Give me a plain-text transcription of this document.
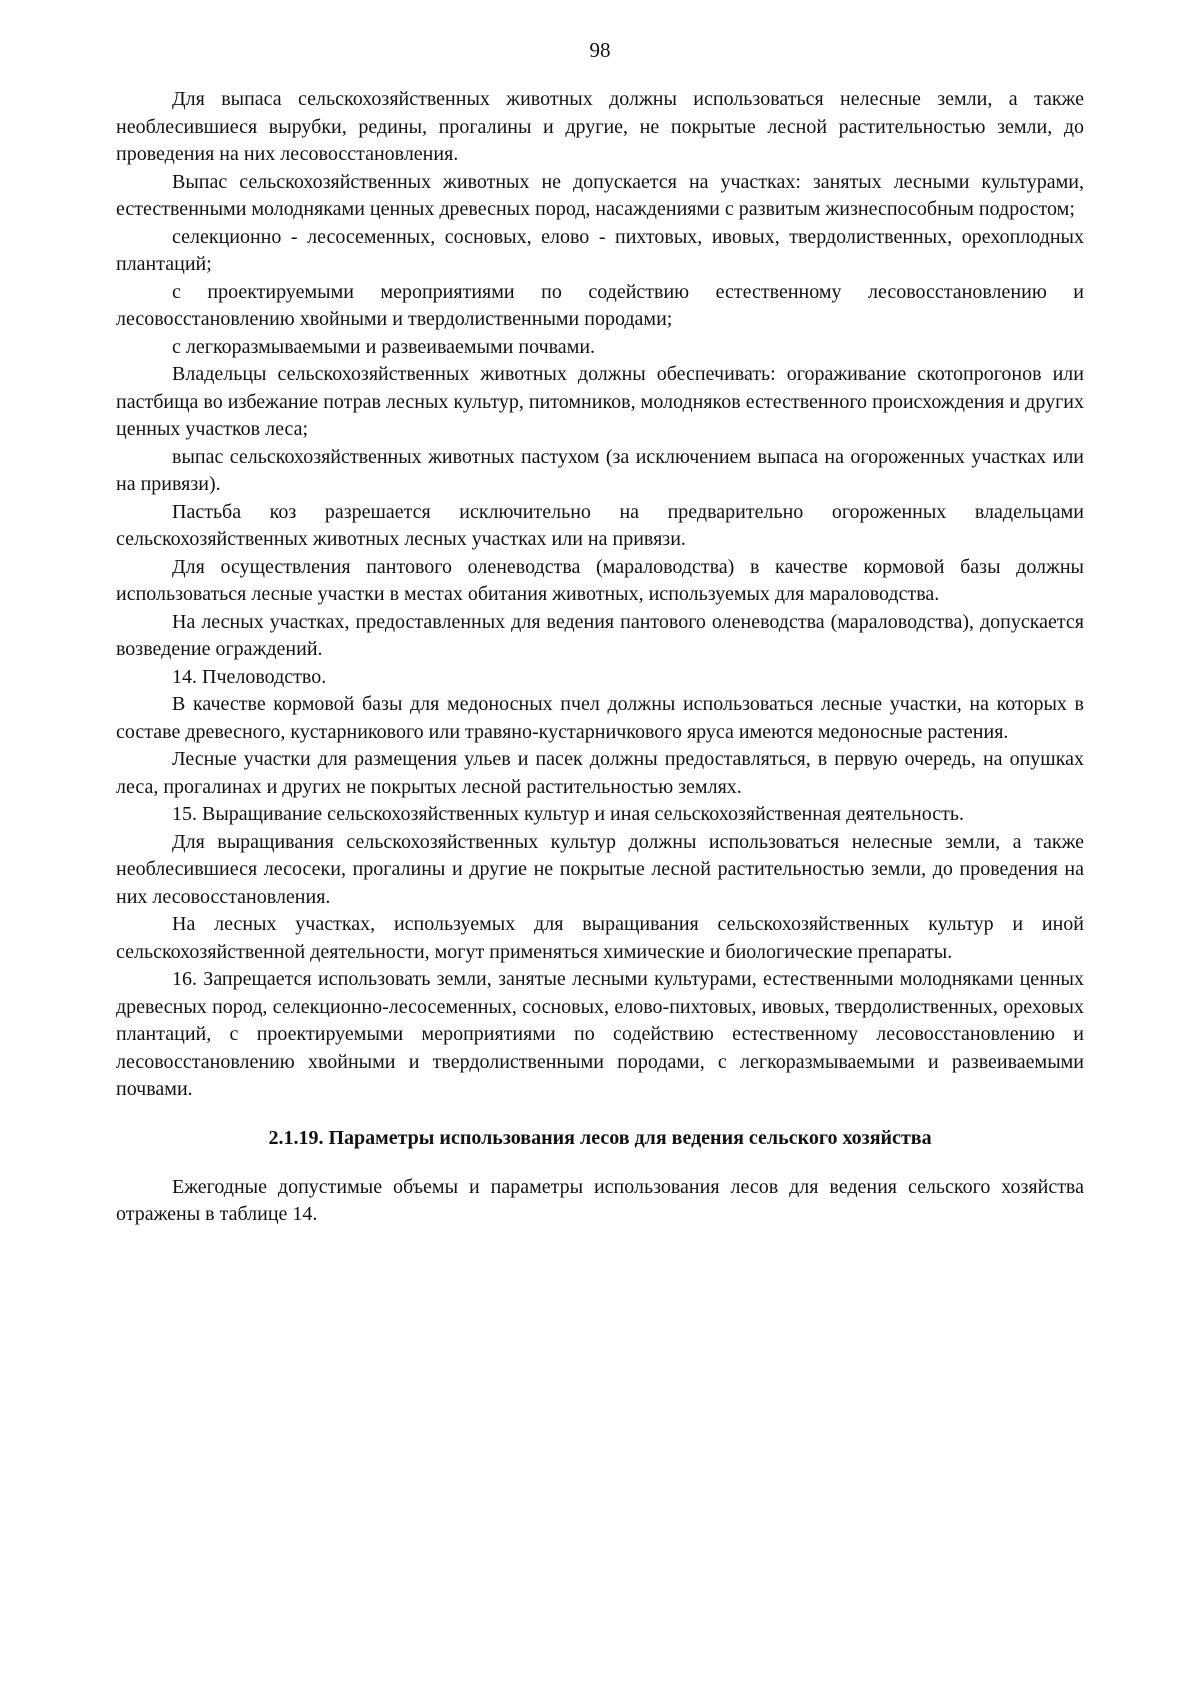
98

Для выпаса сельскохозяйственных животных должны использоваться нелесные земли, а также необлесившиеся вырубки, редины, прогалины и другие, не покрытые лесной растительностью земли, до проведения на них лесовосстановления.

Выпас сельскохозяйственных животных не допускается на участках: занятых лесными культурами, естественными молодняками ценных древесных пород, насаждениями с развитым жизнеспособным подростом;

селекционно - лесосеменных, сосновых, елово - пихтовых, ивовых, твердолиственных, орехоплодных плантаций;

с проектируемыми мероприятиями по содействию естественному лесовосстановлению и лесовосстановлению хвойными и твердолиственными породами;

с легкоразмываемыми и развеиваемыми почвами.

Владельцы сельскохозяйственных животных должны обеспечивать: огораживание скотопрогонов или пастбища во избежание потрав лесных культур, питомников, молодняков естественного происхождения и других ценных участков леса;

выпас сельскохозяйственных животных пастухом (за исключением выпаса на огороженных участках или на привязи).

Пастьба коз разрешается исключительно на предварительно огороженных владельцами сельскохозяйственных животных лесных участках или на привязи.

Для осуществления пантового оленеводства (мараловодства) в качестве кормовой базы должны использоваться лесные участки в местах обитания животных, используемых для мараловодства.

На лесных участках, предоставленных для ведения пантового оленеводства (мараловодства), допускается возведение ограждений.

14. Пчеловодство.

В качестве кормовой базы для медоносных пчел должны использоваться лесные участки, на которых в составе древесного, кустарникового или травяно-кустарничкового яруса имеются медоносные растения.

Лесные участки для размещения ульев и пасек должны предоставляться, в первую очередь, на опушках леса, прогалинах и других не покрытых лесной растительностью землях.

15. Выращивание сельскохозяйственных культур и иная сельскохозяйственная деятельность.

Для выращивания сельскохозяйственных культур должны использоваться нелесные земли, а также необлесившиеся лесосеки, прогалины и другие не покрытые лесной растительностью земли, до проведения на них лесовосстановления.

На лесных участках, используемых для выращивания сельскохозяйственных культур и иной сельскохозяйственной деятельности, могут применяться химические и биологические препараты.

16. Запрещается использовать земли, занятые лесными культурами, естественными молодняками ценных древесных пород, селекционно-лесосеменных, сосновых, елово-пихтовых, ивовых, твердолиственных, ореховых плантаций, с проектируемыми мероприятиями по содействию естественному лесовосстановлению и лесовосстановлению хвойными и твердолиственными породами, с легкоразмываемыми и развеиваемыми почвами.

2.1.19. Параметры использования лесов для ведения сельского хозяйства

Ежегодные допустимые объемы и параметры использования лесов для ведения сельского хозяйства отражены в таблице 14.
